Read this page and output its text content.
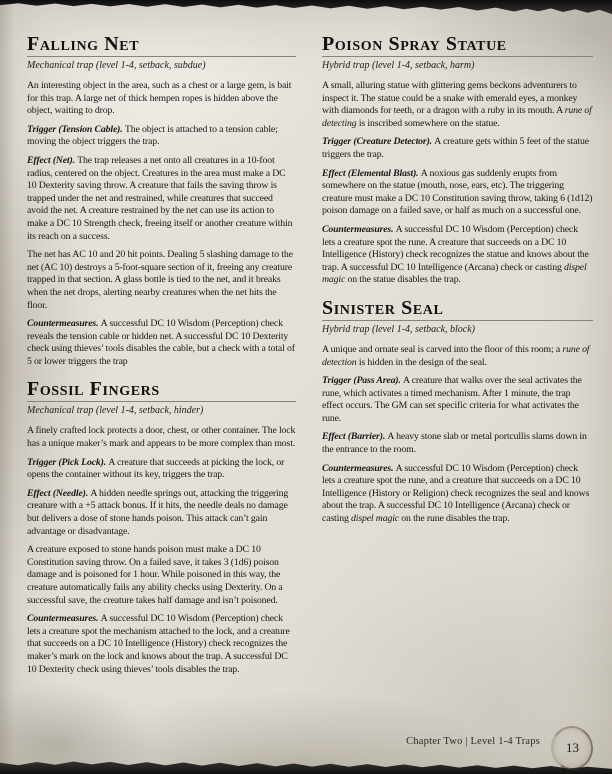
Falling Net

Mechanical trap (level 1-4, setback, subdue)

An interesting object in the area, such as a chest or a large gem, is bait for this trap. A large net of thick hempen ropes is hidden above the object, waiting to drop.

Trigger (Tension Cable). The object is attached to a tension cable; moving the object triggers the trap.

Effect (Net). The trap releases a net onto all creatures in a 10-foot radius, centered on the object. Creatures in the area must make a DC 10 Dexterity saving throw. A creature that fails the saving throw is trapped under the net and restrained, while creatures that succeed avoid the net. A creature restrained by the net can use its action to make a DC 10 Strength check, freeing itself or another creature within its reach on a success.

The net has AC 10 and 20 hit points. Dealing 5 slashing damage to the net (AC 10) destroys a 5-foot-square section of it, freeing any creature trapped in that section. A glass bottle is tied to the net, and it breaks when the net drops, alerting nearby creatures when the net hits the floor.

Countermeasures. A successful DC 10 Wisdom (Perception) check reveals the tension cable or hidden net. A successful DC 10 Dexterity check using thieves’ tools disables the cable, but a check with a total of 5 or lower triggers the trap

Fossil Fingers

Mechanical trap (level 1-4, setback, hinder)

A finely crafted lock protects a door, chest, or other container. The lock has a unique maker’s mark and appears to be more complex than most.

Trigger (Pick Lock). A creature that succeeds at picking the lock, or opens the container without its key, triggers the trap.

Effect (Needle). A hidden needle springs out, attacking the triggering creature with a +5 attack bonus. If it hits, the needle deals no damage but delivers a dose of stone hands poison. This attack can’t gain advantage or disadvantage.

A creature exposed to stone hands poison must make a DC 10 Constitution saving throw. On a failed save, it takes 3 (1d6) poison damage and is poisoned for 1 hour. While poisoned in this way, the creature automatically fails any ability checks using Dexterity. On a successful save, the creature takes half damage and isn’t poisoned.

Countermeasures. A successful DC 10 Wisdom (Perception) check lets a creature spot the mechanism attached to the lock, and a creature that succeeds on a DC 10 Intelligence (History) check recognizes the maker’s mark on the lock and knows about the trap. A successful DC 10 Dexterity check using thieves’ tools disables the trap.

Poison Spray Statue

Hybrid trap (level 1-4, setback, harm)

A small, alluring statue with glittering gems beckons adventurers to inspect it. The statue could be a snake with emerald eyes, a monkey with diamonds for teeth, or a dragon with a ruby in its mouth. A rune of detecting is inscribed somewhere on the statue.

Trigger (Creature Detector). A creature gets within 5 feet of the statue triggers the trap.

Effect (Elemental Blast). A noxious gas suddenly erupts from somewhere on the statue (mouth, nose, ears, etc). The triggering creature must make a DC 10 Constitution saving throw, taking 6 (1d12) poison damage on a failed save, or half as much on a successful one.

Countermeasures. A successful DC 10 Wisdom (Perception) check lets a creature spot the rune. A creature that succeeds on a DC 10 Intelligence (History) check recognizes the statue and knows about the trap. A successful DC 10 Intelligence (Arcana) check or casting dispel magic on the statue disables the trap.

Sinister Seal

Hybrid trap (level 1-4, setback, block)

A unique and ornate seal is carved into the floor of this room; a rune of detection is hidden in the design of the seal.

Trigger (Pass Area). A creature that walks over the seal activates the rune, which activates a timed mechanism. After 1 minute, the trap effect occurs. The GM can set specific criteria for what activates the rune.

Effect (Barrier). A heavy stone slab or metal portcullis slams down in the entrance to the room.

Countermeasures. A successful DC 10 Wisdom (Perception) check lets a creature spot the rune, and a creature that succeeds on a DC 10 Intelligence (History or Religion) check recognizes the seal and knows about the trap. A successful DC 10 Intelligence (Arcana) check or casting dispel magic on the rune disables the trap.

Chapter Two | Level 1-4 Traps 13
